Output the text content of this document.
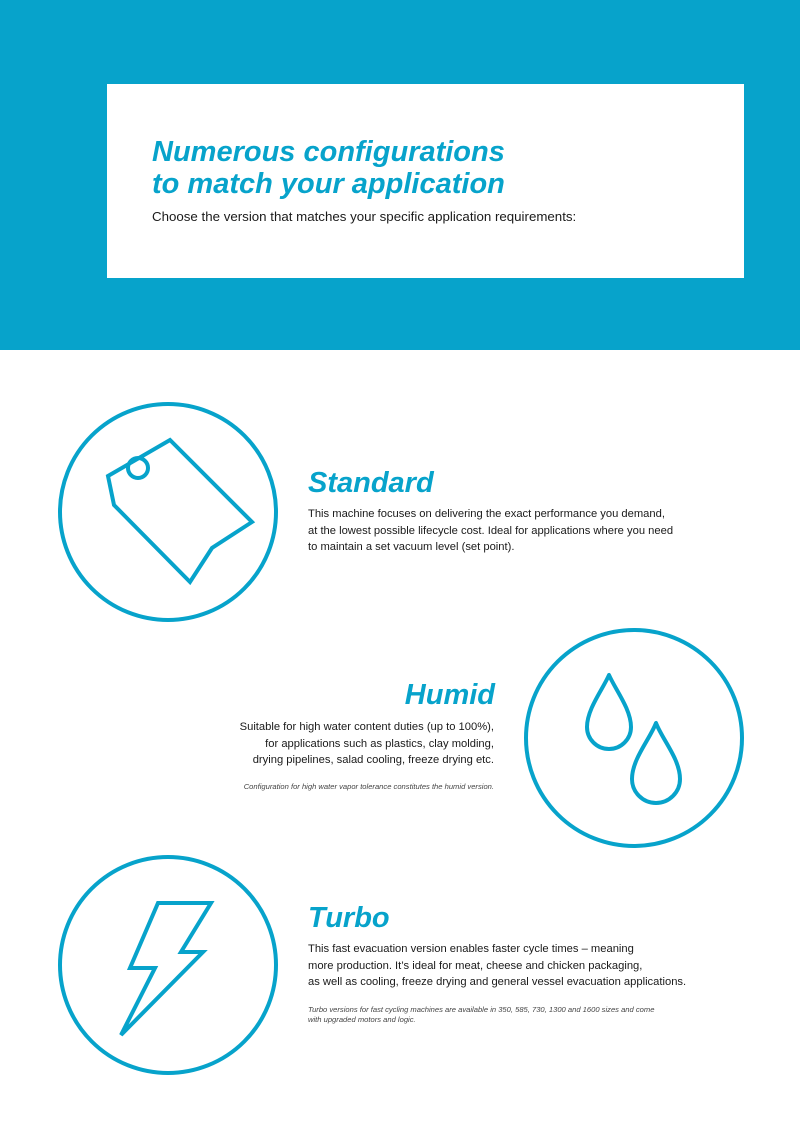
Numerous configurations
to match your application

Choose the version that matches your specific application requirements:

Standard

This machine focuses on delivering the exact performance you demand,
at the lowest possible lifecycle cost. Ideal for applications where you need
to maintain a set vacuum level (set point).

Humid

Suitable for high water content duties (up to 100%),
for applications such as plastics, clay molding,
drying pipelines, salad cooling, freeze drying etc.

Configuration for high water vapor tolerance constitutes the humid version.

Turbo

This fast evacuation version enables faster cycle times – meaning
more production. It’s ideal for meat, cheese and chicken packaging,
as well as cooling, freeze drying and general vessel evacuation applications.

Turbo versions for fast cycling machines are available in 350, 585, 730, 1300 and 1600 sizes and come
with upgraded motors and logic.
